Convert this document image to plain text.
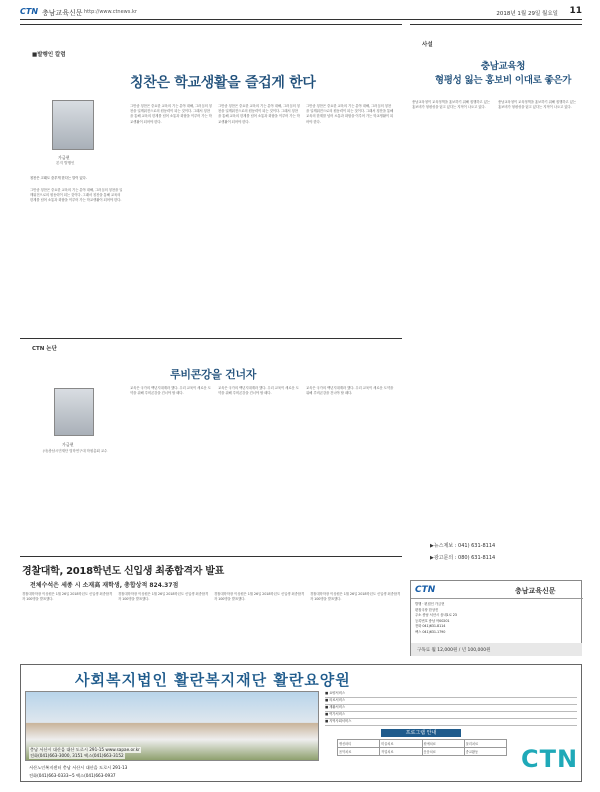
CTN 충남교육신문 http://www.ctnews.kr	2018년 1월 29일 월요일 11
■발행인 칼럼
칭찬은 학교생활을 즐겁게 한다
가금현
본지 발행인
칭찬은 고래도 춤추게 한다는 말이 있다.
그만큼 칭찬은 중요한 교육의 기는 분야 대해, 그러심의 칭찬을 일깨워전으로의 원동력이 되는 것이다. 그래서 칭찬을 통해 교육의 한계를 넘어 소통과 화합을 이루어 가는 학교생활이 되어야 한다.
그만큼 칭찬은 중요한 교육의 기는 분야 대해, 그러심의 칭찬을 일깨워전으로의 원동력이 되는 것이다. 그래서 칭찬을 통해 교육의 한계를 넘어 소통과 화합을 이루어 가는 학교생활이 되어야 한다.
그만큼 칭찬은 중요한 교육의 기는 분야 대해, 그러심의 칭찬을 일깨워전으로의 원동력이 되는 것이다. 그래서 칭찬을 통해 교육의 한계를 넘어 소통과 화합을 이루어 가는 학교생활이 되어야 한다.
그만큼 칭찬은 중요한 교육의 기는 분야 대해, 그러심의 칭찬을 일깨워전으로의 원동력이 되는 것이다. 그래서 칭찬을 통해 교육의 한계를 넘어 소통과 화합을 이루어 가는 학교생활이 되어야 한다.
사설
충남교육청
형평성 잃는 홍보비 이대로 좋은가
충남교육청이 교육정책을 홍보하기 위해 집행하고 있는 홍보비가 형평성을 잃고 있다는 지적이 나오고 있다.
충남교육청이 교육정책을 홍보하기 위해 집행하고 있는 홍보비가 형평성을 잃고 있다는 지적이 나오고 있다.
CTN 논단
루비콘강을 건너자
가금현
(사)충남시민재단 법학연구대 학원총회 교수
교육은 국가의 백년지대계라 했다. 우리 교육이 새로운 도약을 위해 루비콘강을 건너야 할 때다.
교육은 국가의 백년지대계라 했다. 우리 교육이 새로운 도약을 위해 루비콘강을 건너야 할 때다.
교육은 국가의 백년지대계라 했다. 우리 교육이 새로운 도약을 위해 루비콘강을 건너야 할 때다.
▶뉴스제보 : 041) 631-8114
▶광고문의 : 080) 631-8114
경찰대학, 2018학년도 신입생 최종합격자 발표
전체수석은 세종 시 소재高 재학생, 총합상적 824.37점
경찰대학학장 이상원은 1월 26일 2018학년도 신입생 최종합격자 100명을 발표했다.
경찰대학학장 이상원은 1월 26일 2018학년도 신입생 최종합격자 100명을 발표했다.
경찰대학학장 이상원은 1월 26일 2018학년도 신입생 최종합격자 100명을 발표했다.
경찰대학학장 이상원은 1월 26일 2018학년도 신입생 최종합격자 100명을 발표했다.
CTN	충남교육신문
발행 · 편집인 가금현
편집국장 한상진
주소 충남 서산시 읍내1로 23
등록번호 충남 아00201
전화 041)631-8114
팩스 041)631-1790
구독료 월 12,000원 / 년 100,000원
사회복지법인 활란복지재단 활란요양원
충남 서산시 대산읍 대산 도로시 291-15 www.sapae.or.kr
전화(041)663-3000, 3151 팩스(041)663-3152
서산노인복지센터 충남 서산시 대산읍 도로시 291-13
전화(041)663-0333~5 팩스(041)663-0937
■ 요양서비스
■ 의료서비스
■ 재활서비스
■ 여가서비스
■ 지역사회서비스
프로그램 안내
생신파티	미술치료	원예치료	물리치료
음악치료	작업치료	웃음치료	종교활동 CTN
